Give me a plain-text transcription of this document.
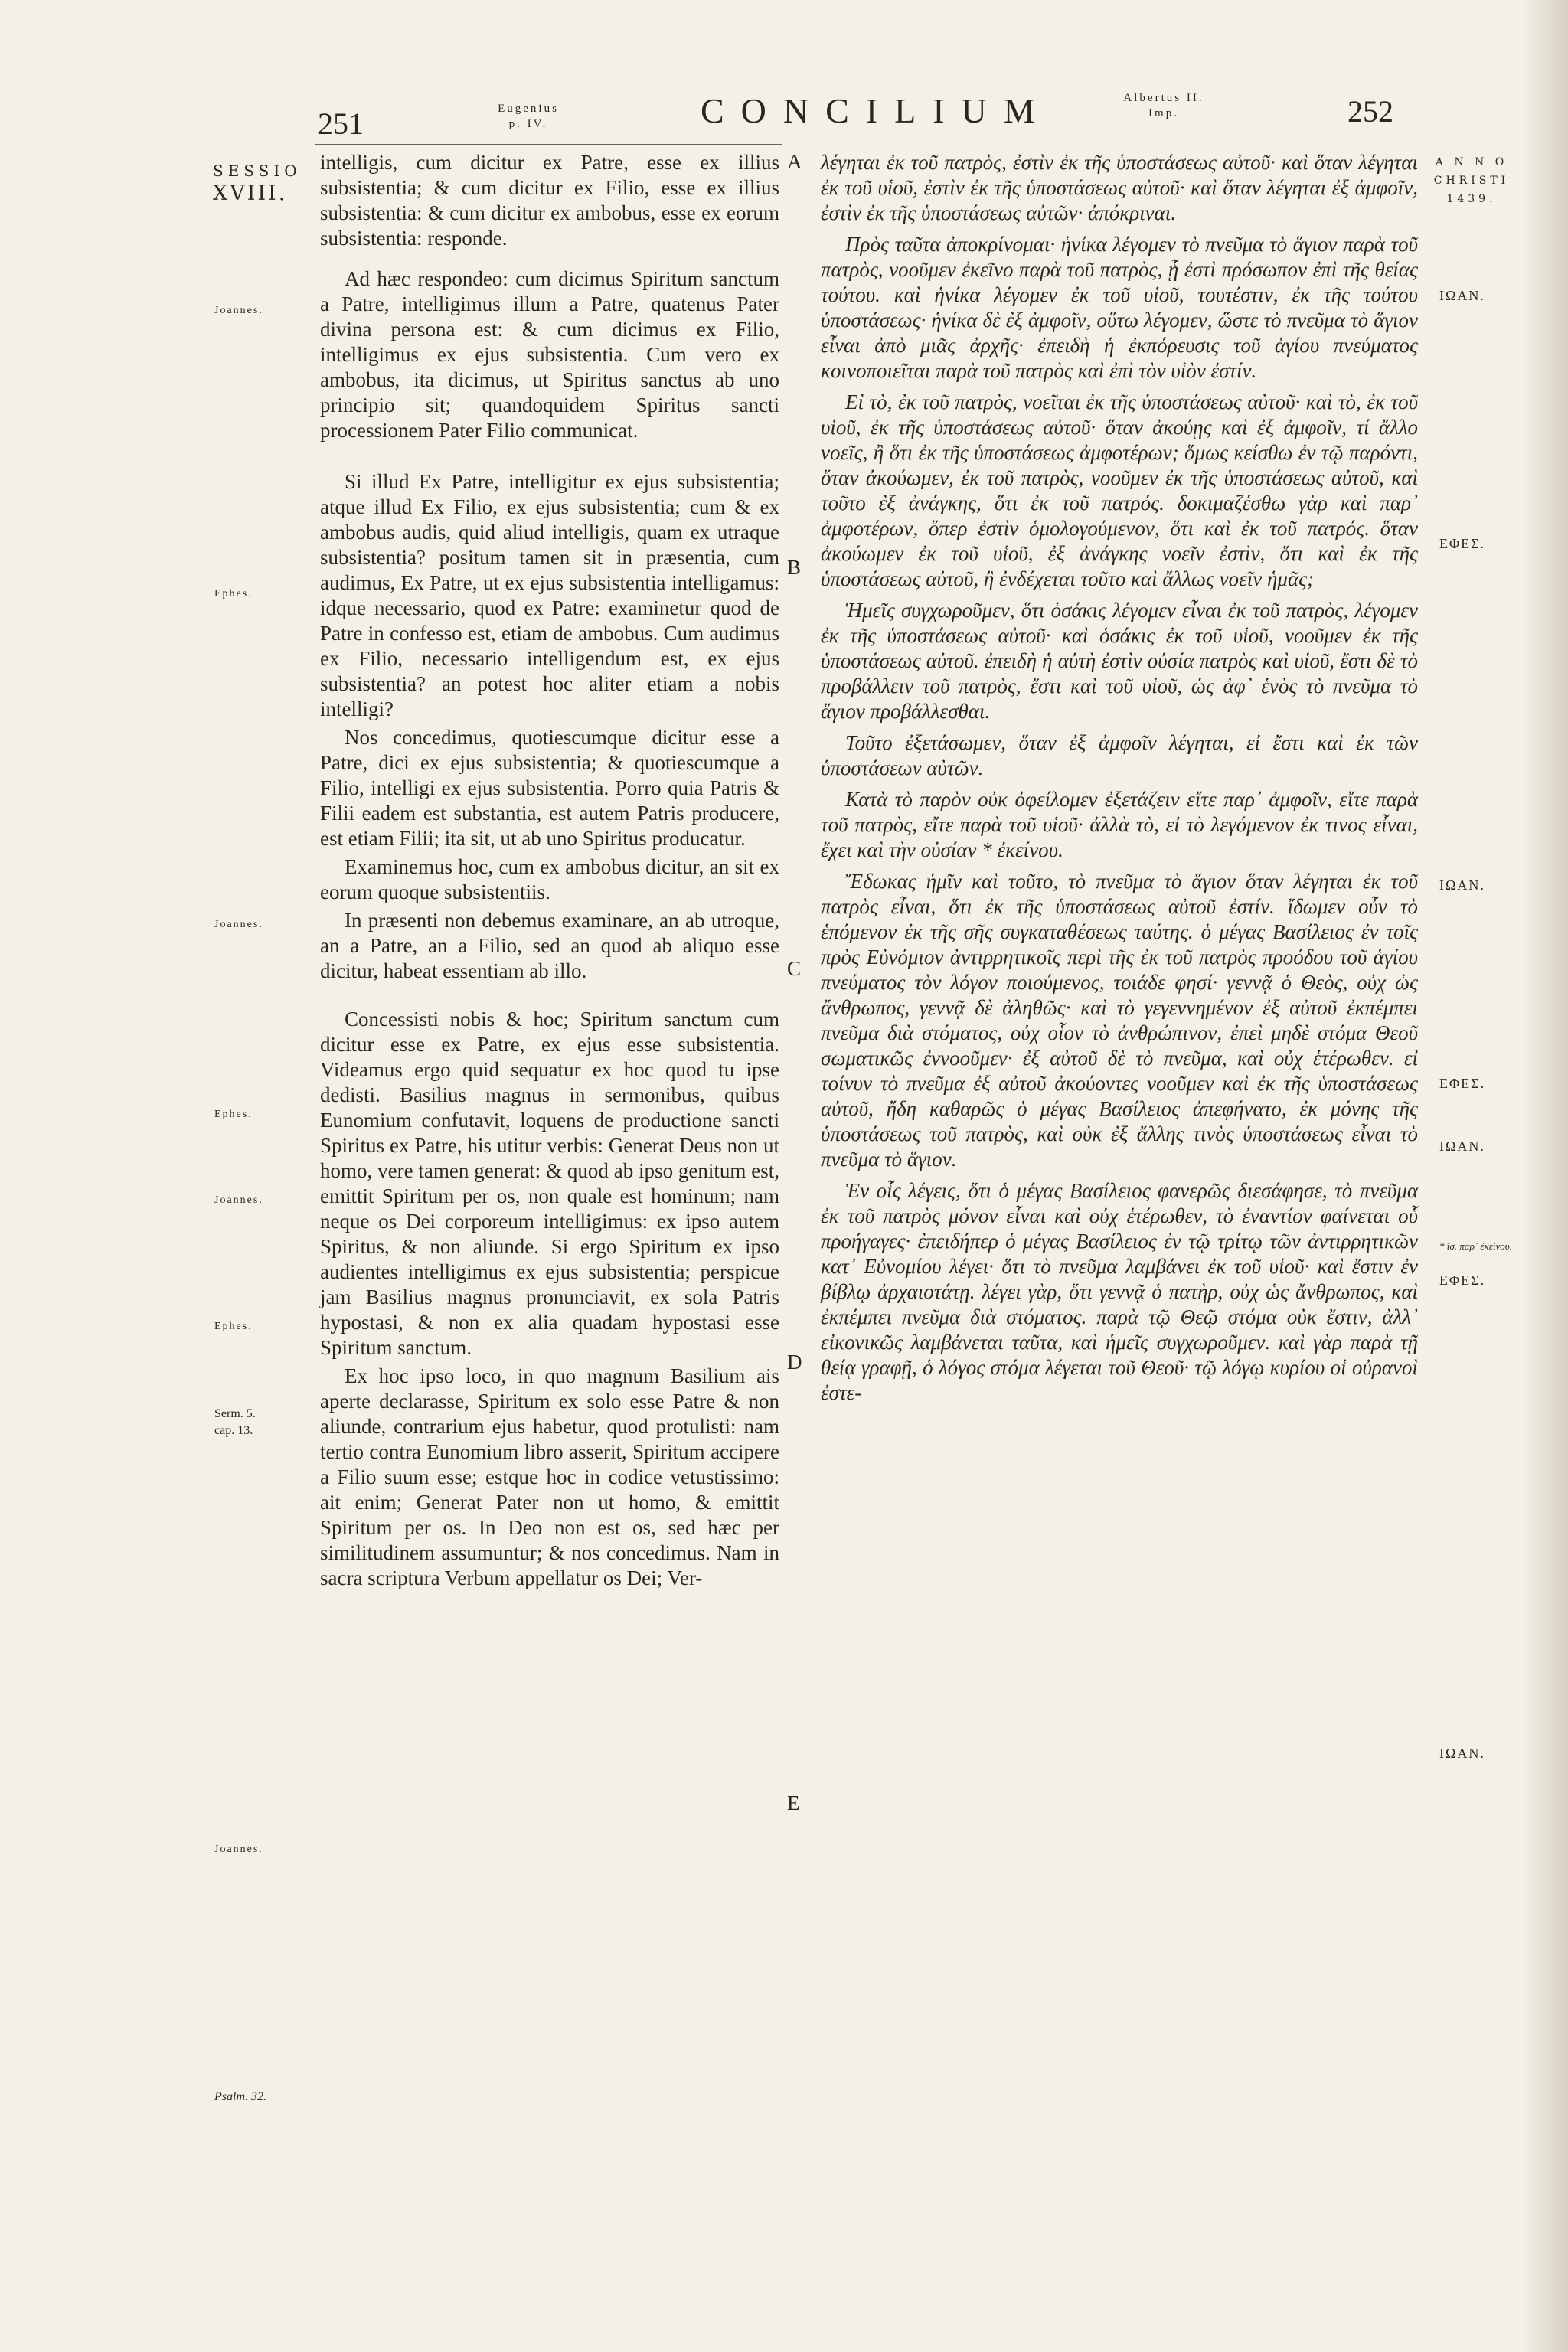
251	Eugenius
p. IV.	CONCILIUM	Albertus II.
Imp.	252
SESSIO
XVIII.
A N N O
CHRISTI
1439.

intelligis, cum dicitur ex Patre, esse ex illius subsistentia; & cum dicitur ex Filio, esse ex illius subsistentia: & cum dicitur ex ambobus, esse ex eorum subsistentia: responde.

Ad hæc respondeo: cum dicimus Spiritum sanctum a Patre, intelligimus illum a Patre, quatenus Pater divina persona est: & cum dicimus ex Filio, intelligimus ex ejus subsistentia. Cum vero ex ambobus, ita dicimus, ut Spiritus sanctus ab uno principio sit; quandoquidem Spiritus sancti processionem Pater Filio communicat.

Si illud Ex Patre, intelligitur ex ejus subsistentia; atque illud Ex Filio, ex ejus subsistentia; cum & ex ambobus audis, quid aliud intelligis, quam ex utraque subsistentia? positum tamen sit in præsentia, cum audimus, Ex Patre, ut ex ejus subsistentia intelligamus: idque necessario, quod ex Patre: examinetur quod de Patre in confesso est, etiam de ambobus. Cum audimus ex Filio, necessario intelligendum est, ex ejus subsistentia? an potest hoc aliter etiam a nobis intelligi?

Nos concedimus, quotiescumque dicitur esse a Patre, dici ex ejus subsistentia; & quotiescumque a Filio, intelligi ex ejus subsistentia. Porro quia Patris & Filii eadem est substantia, est autem Patris producere, est etiam Filii; ita sit, ut ab uno Spiritus producatur.

Examinemus hoc, cum ex ambobus dicitur, an sit ex eorum quoque subsistentiis.

In præsenti non debemus examinare, an ab utroque, an a Patre, an a Filio, sed an quod ab aliquo esse dicitur, habeat essentiam ab illo.

Concessisti nobis & hoc; Spiritum sanctum cum dicitur esse ex Patre, ex ejus esse subsistentia. Videamus ergo quid sequatur ex hoc quod tu ipse dedisti. Basilius magnus in sermonibus, quibus Eunomium confutavit, loquens de productione sancti Spiritus ex Patre, his utitur verbis: Generat Deus non ut homo, vere tamen generat: & quod ab ipso genitum est, emittit Spiritum per os, non quale est hominum; nam neque os Dei corporeum intelligimus: ex ipso autem Spiritus, & non aliunde. Si ergo Spiritum ex ipso audientes intelligimus ex ejus subsistentia; perspicue jam Basilius magnus pronunciavit, ex sola Patris hypostasi, & non ex alia quadam hypostasi esse Spiritum sanctum.

Ex hoc ipso loco, in quo magnum Basilium ais aperte declarasse, Spiritum ex solo esse Patre & non aliunde, contrarium ejus habetur, quod protulisti: nam tertio contra Eunomium libro asserit, Spiritum accipere a Filio suum esse; estque hoc in codice vetustissimo: ait enim; Generat Pater non ut homo, & emittit Spiritum per os. In Deo non est os, sed hæc per similitudinem assumuntur; & nos concedimus. Nam in sacra scriptura Verbum appellatur os Dei; Ver-

A
B
C
D
E

λέγηται ἐκ τοῦ πατρὸς, ἐστὶν ἐκ τῆς ὑποστάσεως αὐτοῦ· καὶ ὅταν λέγηται ἐκ τοῦ υἱοῦ, ἐστὶν ἐκ τῆς ὑποστάσεως αὐτοῦ· καὶ ὅταν λέγηται ἐξ ἀμφοῖν, ἐστὶν ἐκ τῆς ὑποστάσεως αὐτῶν· ἀπόκριναι.

Πρὸς ταῦτα ἀποκρίνομαι· ἡνίκα λέγομεν τὸ πνεῦμα τὸ ἅγιον παρὰ τοῦ πατρὸς, νοοῦμεν ἐκεῖνο παρὰ τοῦ πατρὸς, ᾗ ἐστὶ πρόσωπον ἐπὶ τῆς θείας τούτου. καὶ ἡνίκα λέγομεν ἐκ τοῦ υἱοῦ, τουτέστιν, ἐκ τῆς τούτου ὑποστάσεως· ἡνίκα δὲ ἐξ ἀμφοῖν, οὕτω λέγομεν, ὥστε τὸ πνεῦμα τὸ ἅγιον εἶναι ἀπὸ μιᾶς ἀρχῆς· ἐπειδὴ ἡ ἐκπόρευσις τοῦ ἁγίου πνεύματος κοινοποιεῖται παρὰ τοῦ πατρὸς καὶ ἐπὶ τὸν υἱὸν ἐστίν.

Εἰ τὸ, ἐκ τοῦ πατρὸς, νοεῖται ἐκ τῆς ὑποστάσεως αὐτοῦ· καὶ τὸ, ἐκ τοῦ υἱοῦ, ἐκ τῆς ὑποστάσεως αὐτοῦ· ὅταν ἀκούῃς καὶ ἐξ ἀμφοῖν, τί ἄλλο νοεῖς, ἢ ὅτι ἐκ τῆς ὑποστάσεως ἀμφοτέρων; ὅμως κείσθω ἐν τῷ παρόντι, ὅταν ἀκούωμεν, ἐκ τοῦ πατρὸς, νοοῦμεν ἐκ τῆς ὑποστάσεως αὐτοῦ, καὶ τοῦτο ἐξ ἀνάγκης, ὅτι ἐκ τοῦ πατρός. δοκιμαζέσθω γὰρ καὶ παρ᾽ ἀμφοτέρων, ὅπερ ἐστὶν ὁμολογούμενον, ὅτι καὶ ἐκ τοῦ πατρός. ὅταν ἀκούωμεν ἐκ τοῦ υἱοῦ, ἐξ ἀνάγκης νοεῖν ἐστὶν, ὅτι καὶ ἐκ τῆς ὑποστάσεως αὐτοῦ, ἢ ἐνδέχεται τοῦτο καὶ ἄλλως νοεῖν ἡμᾶς;

Ἡμεῖς συγχωροῦμεν, ὅτι ὁσάκις λέγομεν εἶναι ἐκ τοῦ πατρὸς, λέγομεν ἐκ τῆς ὑποστάσεως αὐτοῦ· καὶ ὁσάκις ἐκ τοῦ υἱοῦ, νοοῦμεν ἐκ τῆς ὑποστάσεως αὐτοῦ. ἐπειδὴ ἡ αὐτὴ ἐστὶν οὐσία πατρὸς καὶ υἱοῦ, ἔστι δὲ τὸ προβάλλειν τοῦ πατρὸς, ἔστι καὶ τοῦ υἱοῦ, ὡς ἀφ᾽ ἑνὸς τὸ πνεῦμα τὸ ἅγιον προβάλλεσθαι.

Τοῦτο ἐξετάσωμεν, ὅταν ἐξ ἀμφοῖν λέγηται, εἰ ἔστι καὶ ἐκ τῶν ὑποστάσεων αὐτῶν.

Κατὰ τὸ παρὸν οὐκ ὀφείλομεν ἐξετάζειν εἴτε παρ᾽ ἀμφοῖν, εἴτε παρὰ τοῦ πατρὸς, εἴτε παρὰ τοῦ υἱοῦ· ἀλλὰ τὸ, εἰ τὸ λεγόμενον ἐκ τινος εἶναι, ἔχει καὶ τὴν οὐσίαν * ἐκείνου.

Ἔδωκας ἡμῖν καὶ τοῦτο, τὸ πνεῦμα τὸ ἅγιον ὅταν λέγηται ἐκ τοῦ πατρὸς εἶναι, ὅτι ἐκ τῆς ὑποστάσεως αὐτοῦ ἐστίν. ἴδωμεν οὖν τὸ ἑπόμενον ἐκ τῆς σῆς συγκαταθέσεως ταύτης. ὁ μέγας Βασίλειος ἐν τοῖς πρὸς Εὐνόμιον ἀντιρρητικοῖς περὶ τῆς ἐκ τοῦ πατρὸς προόδου τοῦ ἁγίου πνεύματος τὸν λόγον ποιούμενος, τοιάδε φησί· γεννᾷ ὁ Θεὸς, οὐχ ὡς ἄνθρωπος, γεννᾷ δὲ ἀληθῶς· καὶ τὸ γεγεννημένον ἐξ αὐτοῦ ἐκπέμπει πνεῦμα διὰ στόματος, οὐχ οἷον τὸ ἀνθρώπινον, ἐπεὶ μηδὲ στόμα Θεοῦ σωματικῶς ἐννοοῦμεν· ἐξ αὐτοῦ δὲ τὸ πνεῦμα, καὶ οὐχ ἑτέρωθεν. εἰ τοίνυν τὸ πνεῦμα ἐξ αὐτοῦ ἀκούοντες νοοῦμεν καὶ ἐκ τῆς ὑποστάσεως αὐτοῦ, ἤδη καθαρῶς ὁ μέγας Βασίλειος ἀπεφήνατο, ἐκ μόνης τῆς ὑποστάσεως τοῦ πατρὸς, καὶ οὐκ ἐξ ἄλλης τινὸς ὑποστάσεως εἶναι τὸ πνεῦμα τὸ ἅγιον.

Ἐν οἷς λέγεις, ὅτι ὁ μέγας Βασίλειος φανερῶς διεσάφησε, τὸ πνεῦμα ἐκ τοῦ πατρὸς μόνον εἶναι καὶ οὐχ ἑτέρωθεν, τὸ ἐναντίον φαίνεται οὗ προήγαγες· ἐπειδήπερ ὁ μέγας Βασίλειος ἐν τῷ τρίτῳ τῶν ἀντιρρητικῶν κατ᾽ Εὐνομίου λέγει· ὅτι τὸ πνεῦμα λαμβάνει ἐκ τοῦ υἱοῦ· καὶ ἔστιν ἐν βίβλῳ ἀρχαιοτάτῃ. λέγει γὰρ, ὅτι γεννᾷ ὁ πατὴρ, οὐχ ὡς ἄνθρωπος, καὶ ἐκπέμπει πνεῦμα διὰ στόματος. παρὰ τῷ Θεῷ στόμα οὐκ ἔστιν, ἀλλ᾽ εἰκονικῶς λαμβάνεται ταῦτα, καὶ ἡμεῖς συγχωροῦμεν. καὶ γὰρ παρὰ τῇ θείᾳ γραφῇ, ὁ λόγος στόμα λέγεται τοῦ Θεοῦ· τῷ λόγῳ κυρίου οἱ οὐρανοὶ ἐστε-

Joannes.
Ephes.
Joannes.
Ephes.
Joannes.
Ephes.
Serm. 5.
cap. 13.
Joannes.
Psalm. 32.
ΙΩΑΝ.
ΕΦΕΣ.
ΙΩΑΝ.
ΕΦΕΣ.
ΙΩΑΝ.
* ἴσ. παρ᾽ ἐκείνου.
ΕΦΕΣ.
ΙΩΑΝ.
